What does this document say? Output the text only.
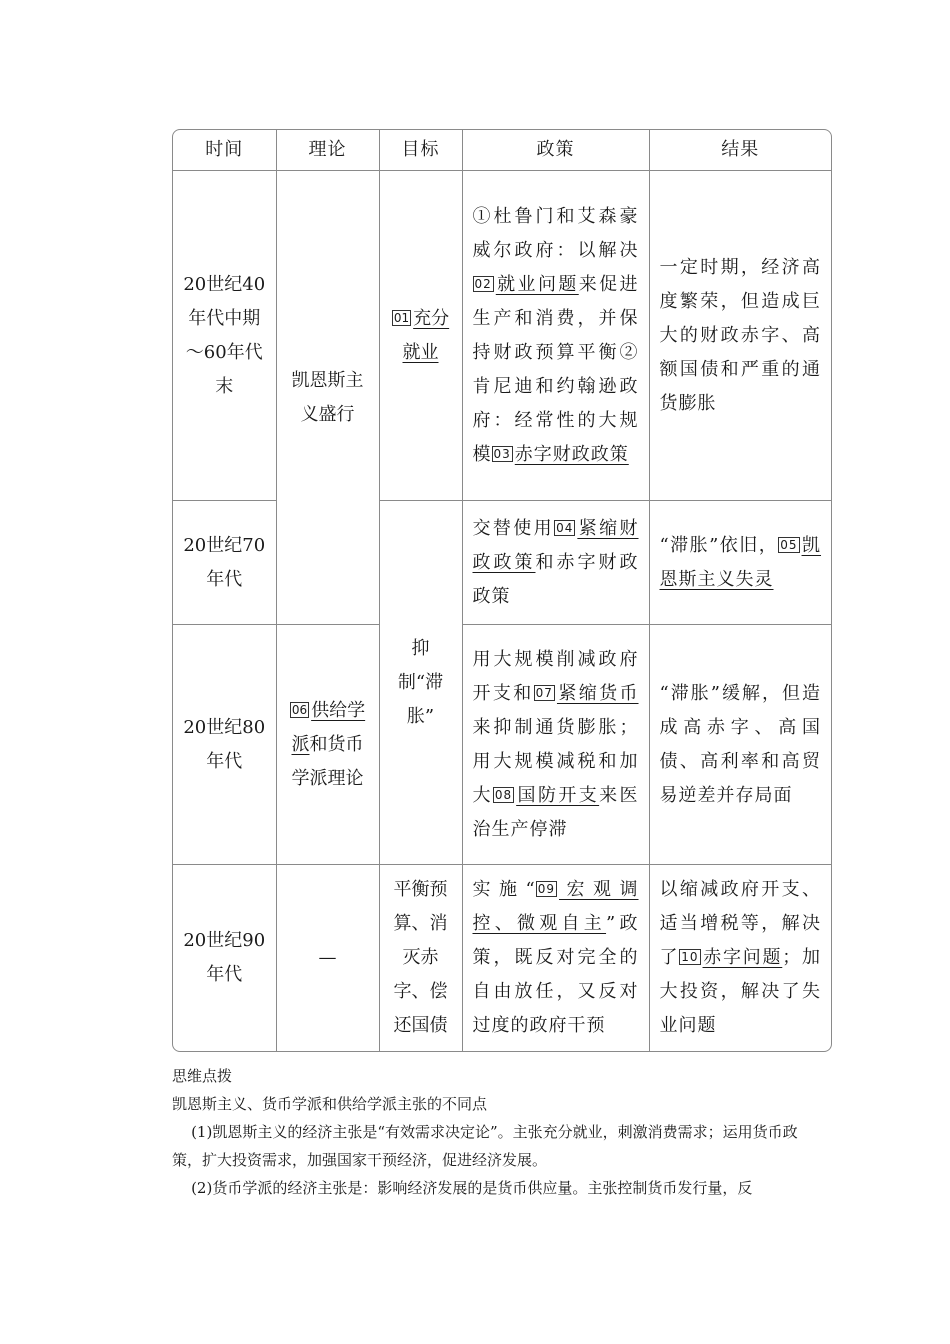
时间	理论	目标	政策	结果
20世纪40年代中期～60年代末	凯恩斯主义盛行	01 充分就业	①杜鲁门和艾森豪威尔政府：以解决02 就业问题来促进生产和消费，并保持财政预算平衡②肯尼迪和约翰逊政府：经常性的大规模 03 赤字财政政策	一定时期，经济高度繁荣，但造成巨大的财政赤字、高额国债和严重的通货膨胀
20世纪70年代		抑制“滞胀”	交替使用 04 紧缩财政政策和赤字财政政策	“滞胀”依旧， 05 凯恩斯主义失灵
20世纪80年代	06 供给学派和货币学派理论		用大规模削减政府开支和 07 紧缩货币来抑制通货膨胀；用大规模减税和加大 08 国防开支来医治生产停滞	“滞胀”缓解，但造成高赤字、高国债、高利率和高贸易逆差并存局面
20世纪90年代	—	平衡预算、消灭赤字、偿还国债	实施“ 09 宏观调控、微观自主”政策，既反对完全的自由放任，又反对过度的政府干预	以缩减政府开支、适当增税等，解决了 10 赤字问题；加大投资，解决了失业问题

思维点拨

凯恩斯主义、货币学派和供给学派主张的不同点

(1)凯恩斯主义的经济主张是“有效需求决定论”。主张充分就业，刺激消费需求；运用货币政策，扩大投资需求，加强国家干预经济，促进经济发展。

(2)货币学派的经济主张是：影响经济发展的是货币供应量。主张控制货币发行量，反
